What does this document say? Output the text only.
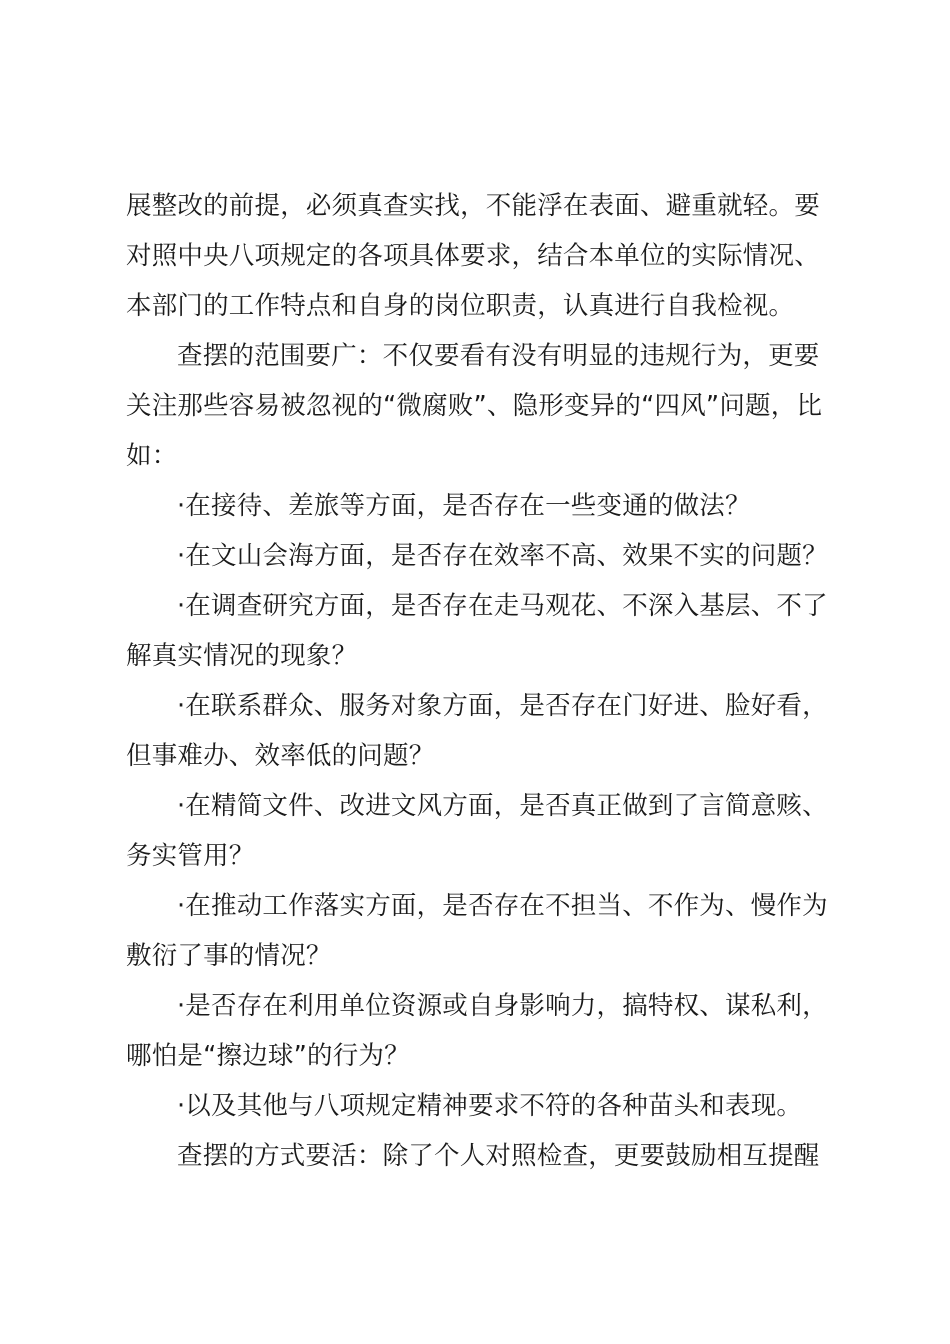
展整改的前提，必须真查实找，不能浮在表面、避重就轻。要对照中央八项规定的各项具体要求，结合本单位的实际情况、本部门的工作特点和自身的岗位职责，认真进行自我检视。

查摆的范围要广：不仅要看有没有明显的违规行为，更要关注那些容易被忽视的“微腐败”、隐形变异的“四风”问题，比如：

·在接待、差旅等方面，是否存在一些变通的做法？

·在文山会海方面，是否存在效率不高、效果不实的问题？

·在调查研究方面，是否存在走马观花、不深入基层、不了解真实情况的现象？

·在联系群众、服务对象方面，是否存在门好进、脸好看，但事难办、效率低的问题？

·在精简文件、改进文风方面，是否真正做到了言简意赅、务实管用？

·在推动工作落实方面，是否存在不担当、不作为、慢作为敷衍了事的情况？

·是否存在利用单位资源或自身影响力，搞特权、谋私利，哪怕是“擦边球”的行为？

·以及其他与八项规定精神要求不符的各种苗头和表现。

查摆的方式要活：除了个人对照检查，更要鼓励相互提醒
